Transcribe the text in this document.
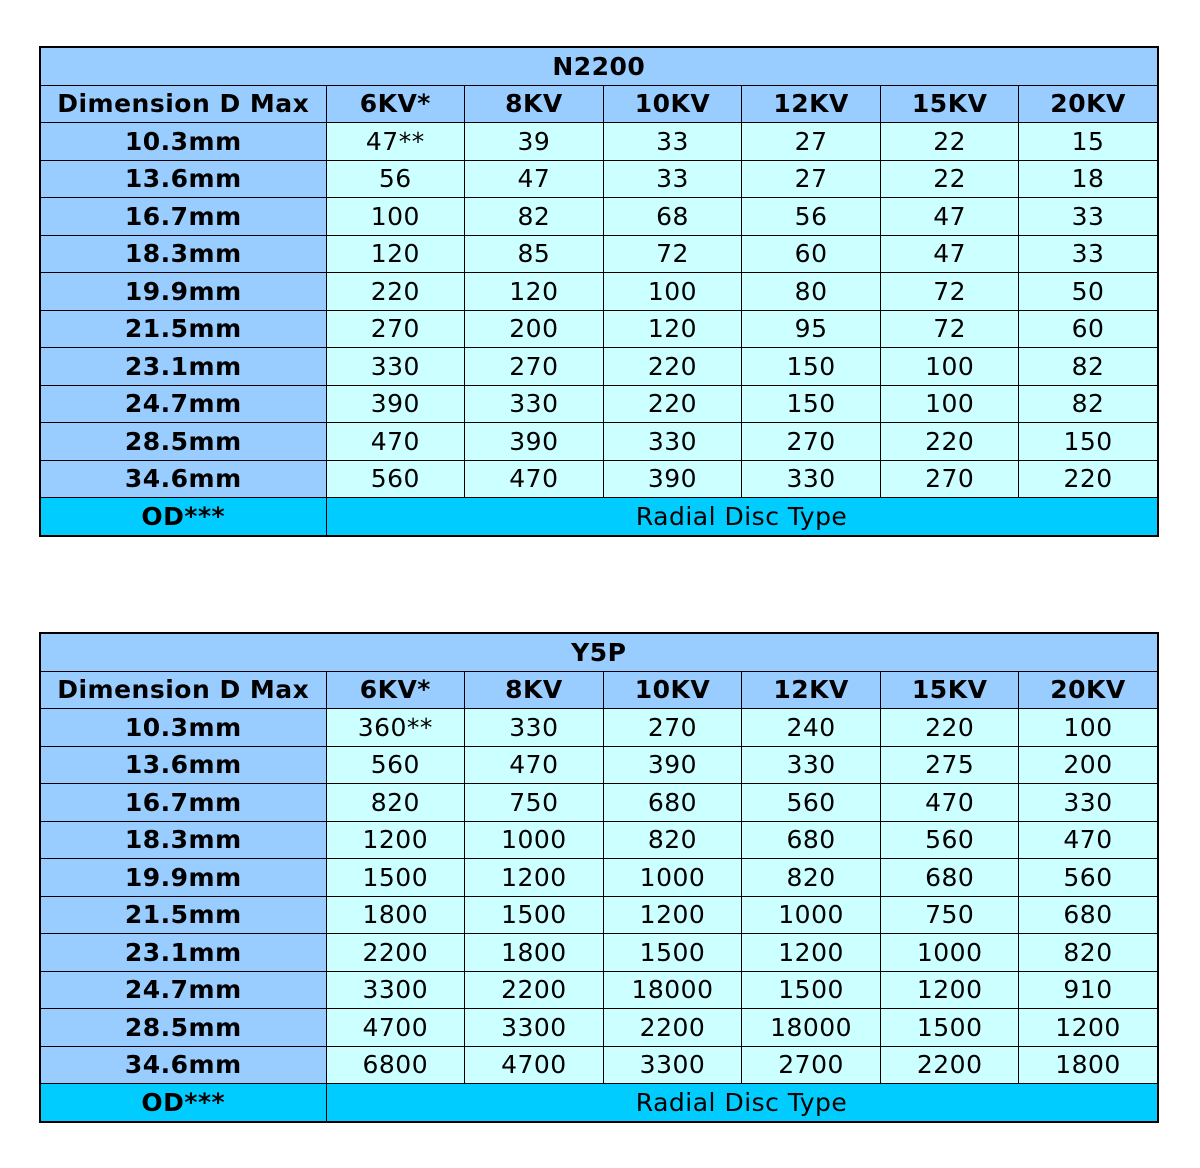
N2200						
Dimension D Max	6KV*	8KV	10KV	12KV	15KV	20KV
10.3mm	47**	39	33	27	22	15
13.6mm	56	47	33	27	22	18
16.7mm	100	82	68	56	47	33
18.3mm	120	85	72	60	47	33
19.9mm	220	120	100	80	72	50
21.5mm	270	200	120	95	72	60
23.1mm	330	270	220	150	100	82
24.7mm	390	330	220	150	100	82
28.5mm	470	390	330	270	220	150
34.6mm	560	470	390	330	270	220
OD***	Radial Disc Type					
Y5P						
Dimension D Max	6KV*	8KV	10KV	12KV	15KV	20KV
10.3mm	360**	330	270	240	220	100
13.6mm	560	470	390	330	275	200
16.7mm	820	750	680	560	470	330
18.3mm	1200	1000	820	680	560	470
19.9mm	1500	1200	1000	820	680	560
21.5mm	1800	1500	1200	1000	750	680
23.1mm	2200	1800	1500	1200	1000	820
24.7mm	3300	2200	18000	1500	1200	910
28.5mm	4700	3300	2200	18000	1500	1200
34.6mm	6800	4700	3300	2700	2200	1800
OD***	Radial Disc Type					
